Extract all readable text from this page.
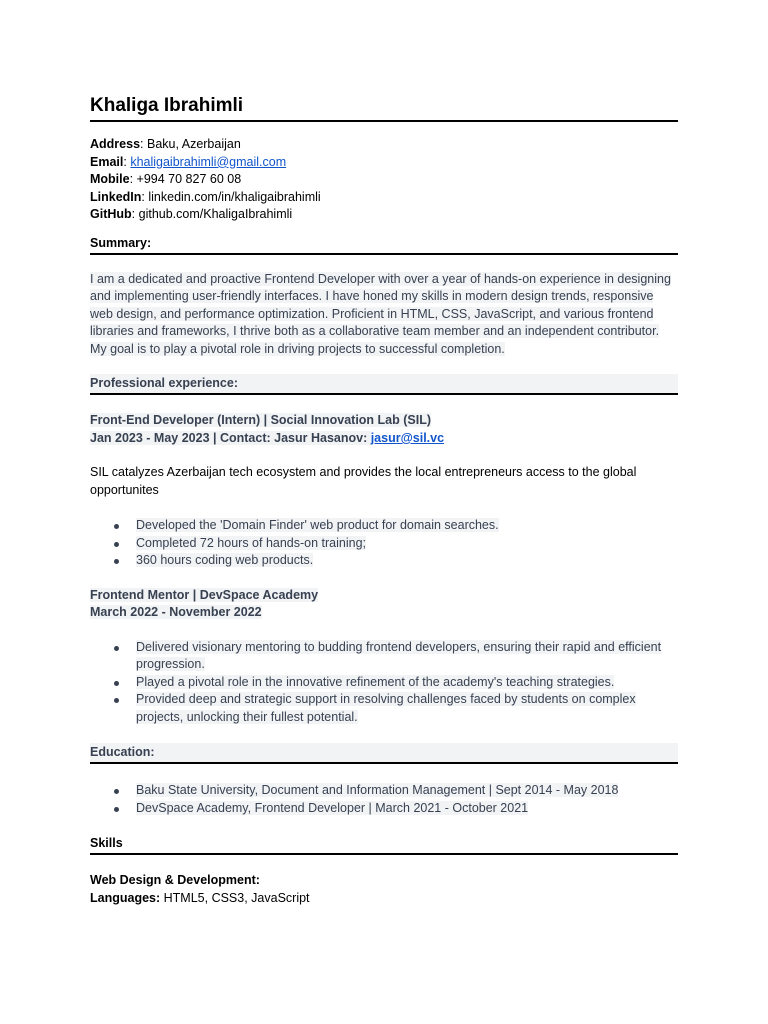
Khaliga Ibrahimli
Address: Baku, Azerbaijan
Email: khaligaibrahimli@gmail.com
Mobile: +994 70 827 60 08
LinkedIn: linkedin.com/in/khaligaibrahimli
GitHub: github.com/KhaligaIbrahimli
Summary:
I am a dedicated and proactive Frontend Developer with over a year of hands-on experience in designing and implementing user-friendly interfaces. I have honed my skills in modern design trends, responsive web design, and performance optimization. Proficient in HTML, CSS, JavaScript, and various frontend libraries and frameworks, I thrive both as a collaborative team member and an independent contributor. My goal is to play a pivotal role in driving projects to successful completion.
Professional experience:
Front-End Developer (Intern) | Social Innovation Lab (SIL)
Jan 2023 - May 2023 | Contact: Jasur Hasanov: jasur@sil.vc
SIL catalyzes Azerbaijan tech ecosystem and provides the local entrepreneurs access to the global opportunites
Developed the 'Domain Finder' web product for domain searches.
Completed 72 hours of hands-on training;
360 hours coding web products.
Frontend Mentor | DevSpace Academy
March 2022 - November 2022
Delivered visionary mentoring to budding frontend developers, ensuring their rapid and efficient progression.
Played a pivotal role in the innovative refinement of the academy's teaching strategies.
Provided deep and strategic support in resolving challenges faced by students on complex projects, unlocking their fullest potential.
Education:
Baku State University, Document and Information Management | Sept 2014 - May 2018
DevSpace Academy, Frontend Developer | March 2021 - October 2021
Skills
Web Design & Development:
Languages: HTML5, CSS3, JavaScript
